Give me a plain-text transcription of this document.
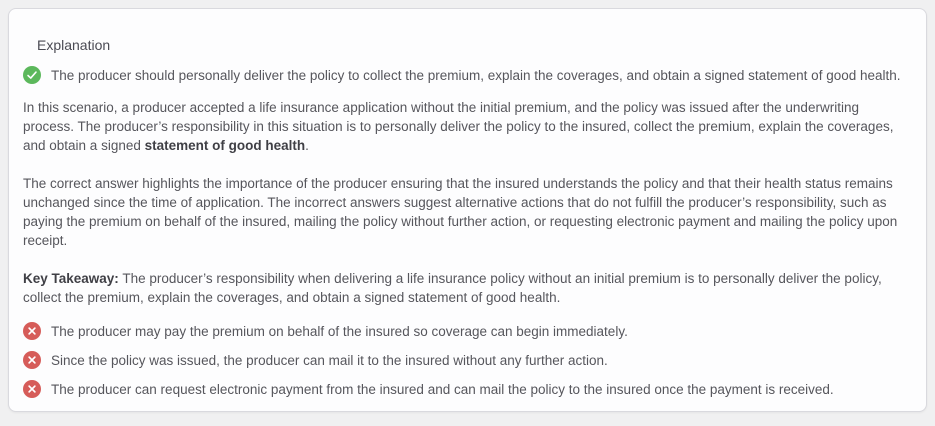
Explanation

The producer should personally deliver the policy to collect the premium, explain the coverages, and obtain a signed statement of good health.

In this scenario, a producer accepted a life insurance application without the initial premium, and the policy was issued after the underwriting process. The producer’s responsibility in this situation is to personally deliver the policy to the insured, collect the premium, explain the coverages, and obtain a signed statement of good health.

The correct answer highlights the importance of the producer ensuring that the insured understands the policy and that their health status remains unchanged since the time of application. The incorrect answers suggest alternative actions that do not fulfill the producer’s responsibility, such as paying the premium on behalf of the insured, mailing the policy without further action, or requesting electronic payment and mailing the policy upon receipt.

Key Takeaway: The producer’s responsibility when delivering a life insurance policy without an initial premium is to personally deliver the policy, collect the premium, explain the coverages, and obtain a signed statement of good health.

The producer may pay the premium on behalf of the insured so coverage can begin immediately.

Since the policy was issued, the producer can mail it to the insured without any further action.

The producer can request electronic payment from the insured and can mail the policy to the insured once the payment is received.
